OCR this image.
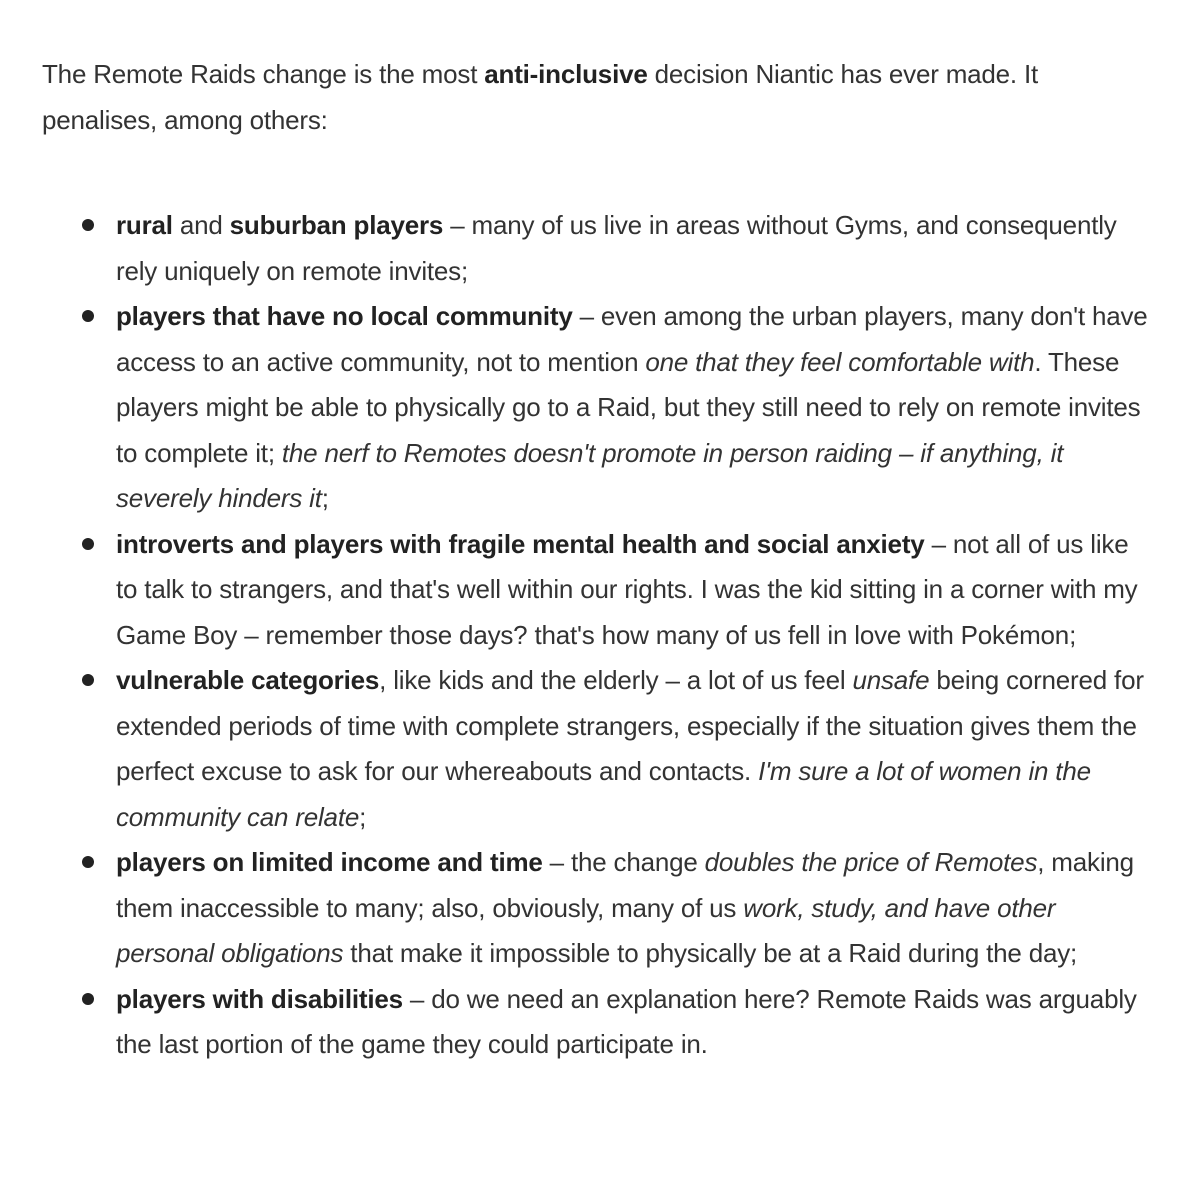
The Remote Raids change is the most anti-inclusive decision Niantic has ever made. It penalises, among others:

rural and suburban players – many of us live in areas without Gyms, and consequently rely uniquely on remote invites;
players that have no local community – even among the urban players, many don't have access to an active community, not to mention one that they feel comfortable with. These players might be able to physically go to a Raid, but they still need to rely on remote invites to complete it; the nerf to Remotes doesn't promote in person raiding – if anything, it severely hinders it;
introverts and players with fragile mental health and social anxiety – not all of us like to talk to strangers, and that's well within our rights. I was the kid sitting in a corner with my Game Boy – remember those days? that's how many of us fell in love with Pokémon;
vulnerable categories, like kids and the elderly – a lot of us feel unsafe being cornered for extended periods of time with complete strangers, especially if the situation gives them the perfect excuse to ask for our whereabouts and contacts. I'm sure a lot of women in the community can relate;
players on limited income and time – the change doubles the price of Remotes, making them inaccessible to many; also, obviously, many of us work, study, and have other personal obligations that make it impossible to physically be at a Raid during the day;
players with disabilities – do we need an explanation here? Remote Raids was arguably the last portion of the game they could participate in.
